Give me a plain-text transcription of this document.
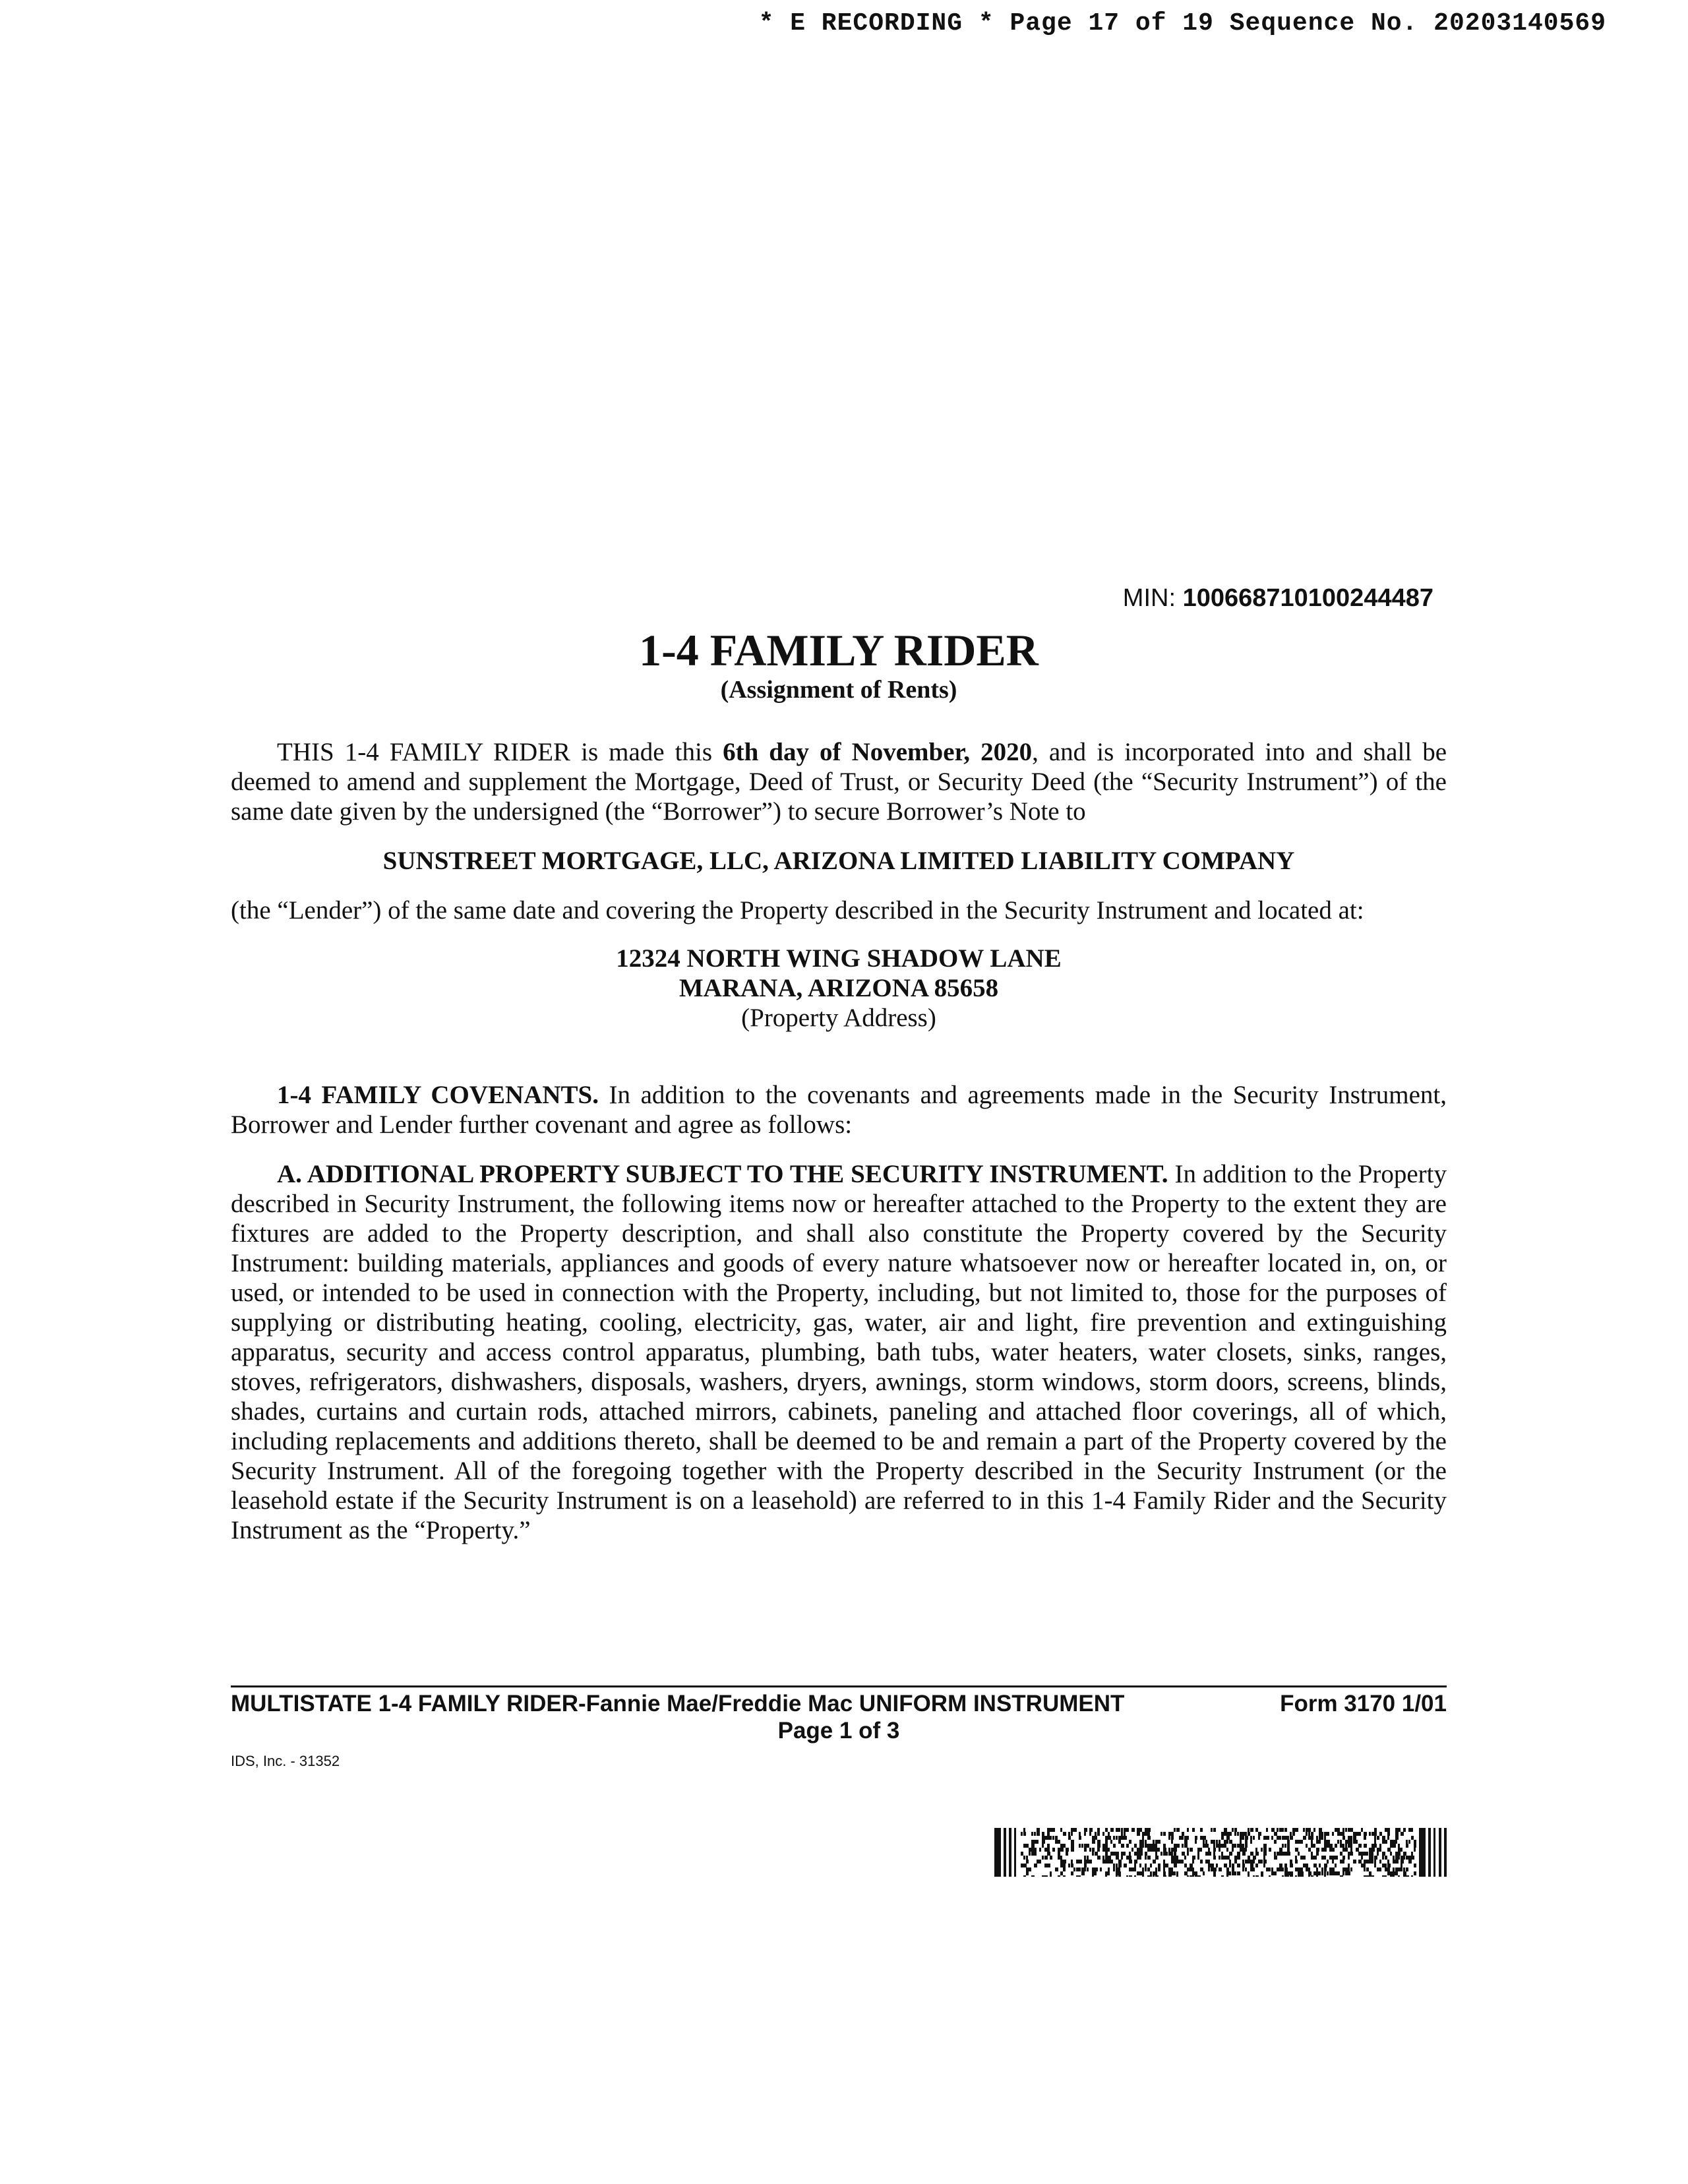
* E RECORDING * Page 17 of 19 Sequence No. 20203140569
MIN: 100668710100244487
1-4 FAMILY RIDER

(Assignment of Rents)

THIS 1-4 FAMILY RIDER is made this 6th day of November, 2020, and is incorporated into and shall be deemed to amend and supplement the Mortgage, Deed of Trust, or Security Deed (the “Security Instrument”) of the same date given by the undersigned (the “Borrower”) to secure Borrower’s Note to

SUNSTREET MORTGAGE, LLC, ARIZONA LIMITED LIABILITY COMPANY

(the “Lender”) of the same date and covering the Property described in the Security Instrument and located at:

12324 NORTH WING SHADOW LANE
MARANA, ARIZONA 85658
(Property Address)

1-4 FAMILY COVENANTS. In addition to the covenants and agreements made in the Security Instrument, Borrower and Lender further covenant and agree as follows:

A. ADDITIONAL PROPERTY SUBJECT TO THE SECURITY INSTRUMENT. In addition to the Property described in Security Instrument, the following items now or hereafter attached to the Property to the extent they are fixtures are added to the Property description, and shall also constitute the Property covered by the Security Instrument: building materials, appliances and goods of every nature whatsoever now or hereafter located in, on, or used, or intended to be used in connection with the Property, including, but not limited to, those for the purposes of supplying or distributing heating, cooling, electricity, gas, water, air and light, fire prevention and extinguishing apparatus, security and access control apparatus, plumbing, bath tubs, water heaters, water closets, sinks, ranges, stoves, refrigerators, dishwashers, disposals, washers, dryers, awnings, storm windows, storm doors, screens, blinds, shades, curtains and curtain rods, attached mirrors, cabinets, paneling and attached floor coverings, all of which, including replacements and additions thereto, shall be deemed to be and remain a part of the Property covered by the Security Instrument. All of the foregoing together with the Property described in the Security Instrument (or the leasehold estate if the Security Instrument is on a leasehold) are referred to in this 1-4 Family Rider and the Security Instrument as the “Property.”

MULTISTATE 1-4 FAMILY RIDER-Fannie Mae/Freddie Mac UNIFORM INSTRUMENT	Form 3170 1/01
Page 1 of 3
IDS, Inc. - 31352
